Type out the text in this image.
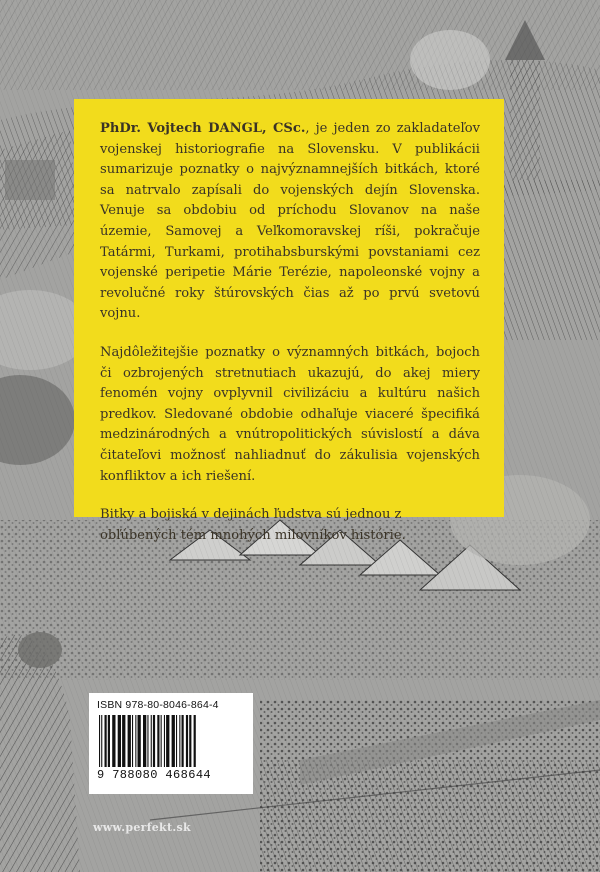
PhDr. Vojtech DANGL, CSc., je jeden zo zakladateľov vojenskej historiografie na Slovensku. V publikácii sumarizuje poznatky o najvýznamnejších bitkách, ktoré sa natrvalo zapísali do vojenských dejín Slovenska. Venuje sa obdobiu od príchodu Slovanov na naše územie, Samovej a Veľkomoravskej ríši, pokračuje Tatármi, Turkami, protihabsburskými povstaniami cez vojenské peripetie Márie Terézie, napoleonské vojny a revolučné roky štúrovských čias až po prvú svetovú vojnu.

Najdôležitejšie poznatky o významných bitkách, bojoch či ozbrojených stretnutiach ukazujú, do akej miery fenomén vojny ovplyvnil civilizáciu a kultúru našich predkov. Sledované obdobie odhaľuje viaceré špecifiká medzinárodných a vnútropolitických súvislostí a dáva čitateľovi možnosť nahliadnuť do zákulisia vojenských konfliktov a ich riešení.

Bitky a bojiská v dejinách ľudstva sú jednou z obľúbených tém mnohých milovníkov histórie.

ISBN 978-80-8046-864-4
9 788080 468644
www.perfekt.sk
